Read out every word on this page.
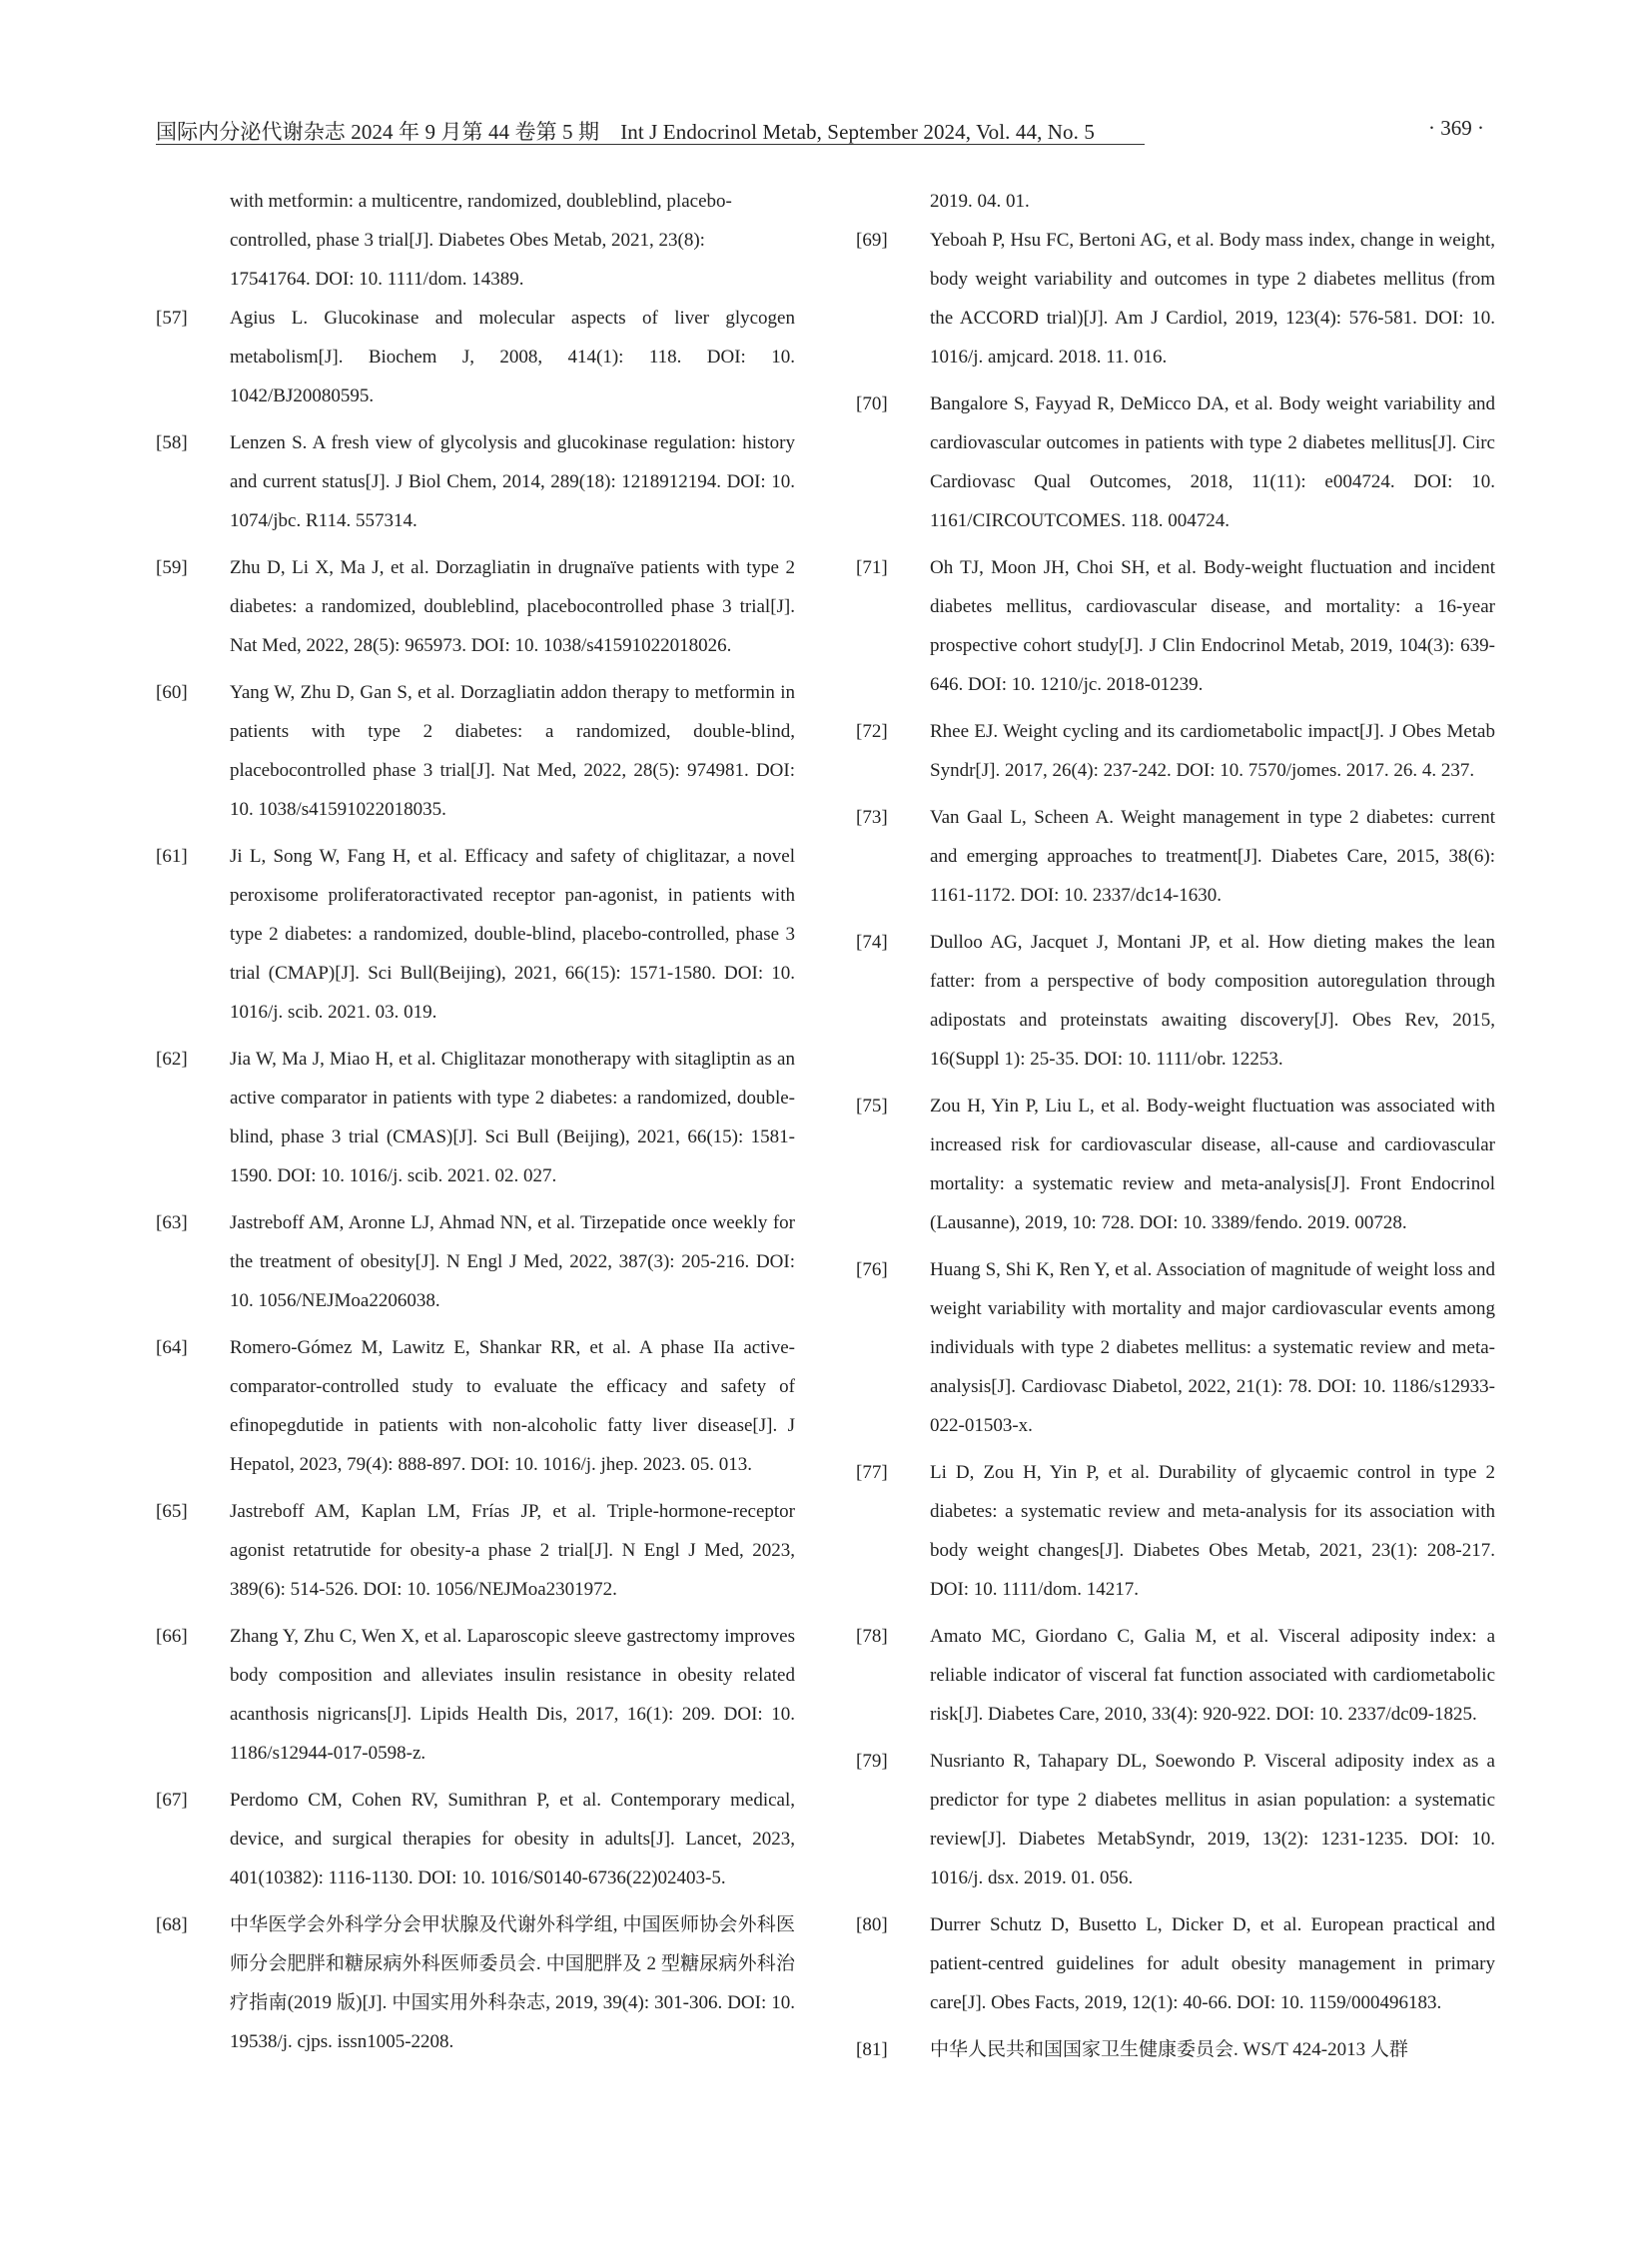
国际内分泌代谢杂志 2024 年 9 月第 44 卷第 5 期　Int J Endocrinol Metab, September 2024, Vol. 44, No. 5	· 369 ·
with metformin: a multicentre, randomized, doubleblind, placebo-
controlled, phase 3 trial[J]. Diabetes Obes Metab, 2021, 23(8):
17541764. DOI: 10. 1111/dom. 14389.
[57] Agius L. Glucokinase and molecular aspects of liver glycogen metabolism[J]. Biochem J, 2008, 414(1): 118. DOI: 10. 1042/BJ20080595.
[58] Lenzen S. A fresh view of glycolysis and glucokinase regulation: history and current status[J]. J Biol Chem, 2014, 289(18): 1218912194. DOI: 10. 1074/jbc. R114. 557314.
[59] Zhu D, Li X, Ma J, et al. Dorzagliatin in drugnaïve patients with type 2 diabetes: a randomized, doubleblind, placebocontrolled phase 3 trial[J]. Nat Med, 2022, 28(5): 965973. DOI: 10. 1038/s41591022018026.
[60] Yang W, Zhu D, Gan S, et al. Dorzagliatin addon therapy to metformin in patients with type 2 diabetes: a randomized, double-blind, placebocontrolled phase 3 trial[J]. Nat Med, 2022, 28(5): 974981. DOI: 10. 1038/s41591022018035.
[61] Ji L, Song W, Fang H, et al. Efficacy and safety of chiglitazar, a novel peroxisome proliferatoractivated receptor pan-agonist, in patients with type 2 diabetes: a randomized, double-blind, placebo-controlled, phase 3 trial (CMAP)[J]. Sci Bull(Beijing), 2021, 66(15): 1571-1580. DOI: 10. 1016/j. scib. 2021. 03. 019.
[62] Jia W, Ma J, Miao H, et al. Chiglitazar monotherapy with sitagliptin as an active comparator in patients with type 2 diabetes: a randomized, double-blind, phase 3 trial (CMAS)[J]. Sci Bull (Beijing), 2021, 66(15): 1581-1590. DOI: 10. 1016/j. scib. 2021. 02. 027.
[63] Jastreboff AM, Aronne LJ, Ahmad NN, et al. Tirzepatide once weekly for the treatment of obesity[J]. N Engl J Med, 2022, 387(3): 205-216. DOI: 10. 1056/NEJMoa2206038.
[64] Romero-Gómez M, Lawitz E, Shankar RR, et al. A phase IIa active-comparator-controlled study to evaluate the efficacy and safety of efinopegdutide in patients with non-alcoholic fatty liver disease[J]. J Hepatol, 2023, 79(4): 888-897. DOI: 10. 1016/j. jhep. 2023. 05. 013.
[65] Jastreboff AM, Kaplan LM, Frías JP, et al. Triple-hormone-receptor agonist retatrutide for obesity-a phase 2 trial[J]. N Engl J Med, 2023, 389(6): 514-526. DOI: 10. 1056/NEJMoa2301972.
[66] Zhang Y, Zhu C, Wen X, et al. Laparoscopic sleeve gastrectomy improves body composition and alleviates insulin resistance in obesity related acanthosis nigricans[J]. Lipids Health Dis, 2017, 16(1): 209. DOI: 10. 1186/s12944-017-0598-z.
[67] Perdomo CM, Cohen RV, Sumithran P, et al. Contemporary medical, device, and surgical therapies for obesity in adults[J]. Lancet, 2023, 401(10382): 1116-1130. DOI: 10. 1016/S0140-6736(22)02403-5.
[68] 中华医学会外科学分会甲状腺及代谢外科学组, 中国医师协会外科医师分会肥胖和糖尿病外科医师委员会. 中国肥胖及 2 型糖尿病外科治疗指南(2019 版)[J]. 中国实用外科杂志, 2019, 39(4): 301-306. DOI: 10. 19538/j. cjps. issn1005-2208.
2019. 04. 01.
[69] Yeboah P, Hsu FC, Bertoni AG, et al. Body mass index, change in weight, body weight variability and outcomes in type 2 diabetes mellitus (from the ACCORD trial)[J]. Am J Cardiol, 2019, 123(4): 576-581. DOI: 10. 1016/j. amjcard. 2018. 11. 016.
[70] Bangalore S, Fayyad R, DeMicco DA, et al. Body weight variability and cardiovascular outcomes in patients with type 2 diabetes mellitus[J]. Circ Cardiovasc Qual Outcomes, 2018, 11(11): e004724. DOI: 10. 1161/CIRCOUTCOMES. 118. 004724.
[71] Oh TJ, Moon JH, Choi SH, et al. Body-weight fluctuation and incident diabetes mellitus, cardiovascular disease, and mortality: a 16-year prospective cohort study[J]. J Clin Endocrinol Metab, 2019, 104(3): 639-646. DOI: 10. 1210/jc. 2018-01239.
[72] Rhee EJ. Weight cycling and its cardiometabolic impact[J]. J Obes Metab Syndr[J]. 2017, 26(4): 237-242. DOI: 10. 7570/jomes. 2017. 26. 4. 237.
[73] Van Gaal L, Scheen A. Weight management in type 2 diabetes: current and emerging approaches to treatment[J]. Diabetes Care, 2015, 38(6): 1161-1172. DOI: 10. 2337/dc14-1630.
[74] Dulloo AG, Jacquet J, Montani JP, et al. How dieting makes the lean fatter: from a perspective of body composition autoregulation through adipostats and proteinstats awaiting discovery[J]. Obes Rev, 2015, 16(Suppl 1): 25-35. DOI: 10. 1111/obr. 12253.
[75] Zou H, Yin P, Liu L, et al. Body-weight fluctuation was associated with increased risk for cardiovascular disease, all-cause and cardiovascular mortality: a systematic review and meta-analysis[J]. Front Endocrinol (Lausanne), 2019, 10: 728. DOI: 10. 3389/fendo. 2019. 00728.
[76] Huang S, Shi K, Ren Y, et al. Association of magnitude of weight loss and weight variability with mortality and major cardiovascular events among individuals with type 2 diabetes mellitus: a systematic review and meta-analysis[J]. Cardiovasc Diabetol, 2022, 21(1): 78. DOI: 10. 1186/s12933-022-01503-x.
[77] Li D, Zou H, Yin P, et al. Durability of glycaemic control in type 2 diabetes: a systematic review and meta-analysis for its association with body weight changes[J]. Diabetes Obes Metab, 2021, 23(1): 208-217. DOI: 10. 1111/dom. 14217.
[78] Amato MC, Giordano C, Galia M, et al. Visceral adiposity index: a reliable indicator of visceral fat function associated with cardiometabolic risk[J]. Diabetes Care, 2010, 33(4): 920-922. DOI: 10. 2337/dc09-1825.
[79] Nusrianto R, Tahapary DL, Soewondo P. Visceral adiposity index as a predictor for type 2 diabetes mellitus in asian population: a systematic review[J]. Diabetes MetabSyndr, 2019, 13(2): 1231-1235. DOI: 10. 1016/j. dsx. 2019. 01. 056.
[80] Durrer Schutz D, Busetto L, Dicker D, et al. European practical and patient-centred guidelines for adult obesity management in primary care[J]. Obes Facts, 2019, 12(1): 40-66. DOI: 10. 1159/000496183.
[81] 中华人民共和国国家卫生健康委员会. WS/T 424-2013 人群
